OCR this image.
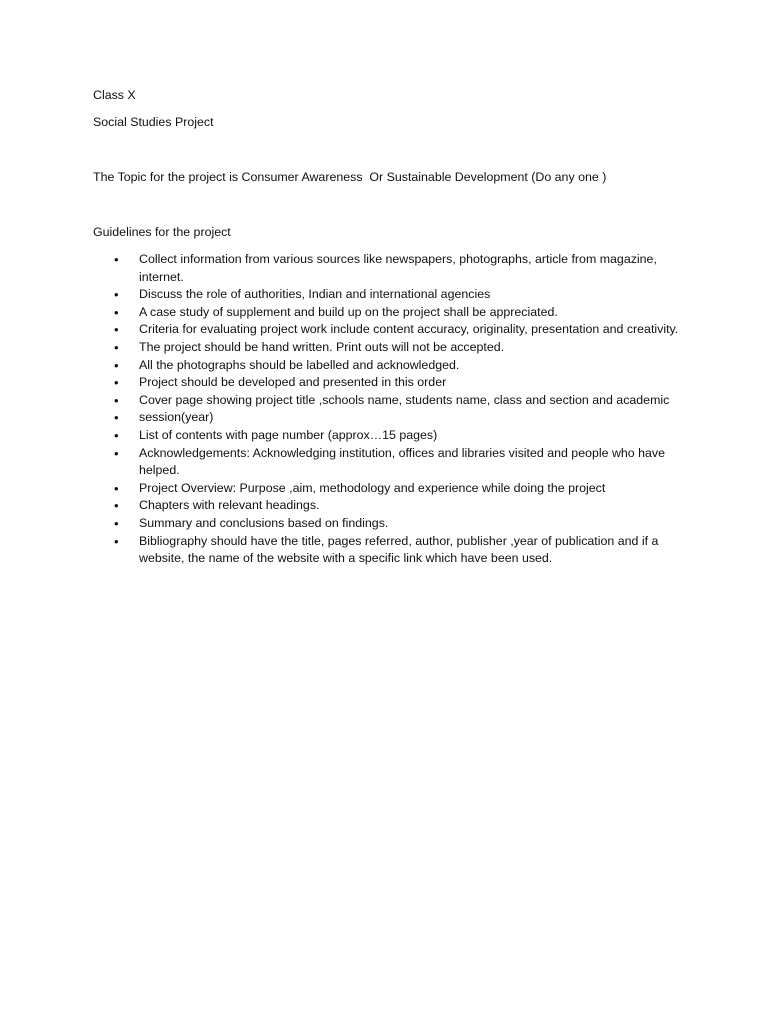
Class X
Social Studies Project
The Topic for the project is Consumer Awareness  Or Sustainable Development (Do any one )
Guidelines for the project
• Collect information from various sources like newspapers, photographs, article from magazine, internet.
• Discuss the role of authorities, Indian and international agencies
• A case study of supplement and build up on the project shall be appreciated.
• Criteria for evaluating project work include content accuracy, originality, presentation and creativity.
• The project should be hand written. Print outs will not be accepted.
• All the photographs should be labelled and acknowledged.
• Project should be developed and presented in this order
• Cover page showing project title ,schools name, students name, class and section and academic
• session(year)
• List of contents with page number (approx…15 pages)
• Acknowledgements: Acknowledging institution, offices and libraries visited and people who have helped.
• Project Overview: Purpose ,aim, methodology and experience while doing the project
• Chapters with relevant headings.
• Summary and conclusions based on findings.
• Bibliography should have the title, pages referred, author, publisher ,year of publication and if a website, the name of the website with a specific link which have been used.
